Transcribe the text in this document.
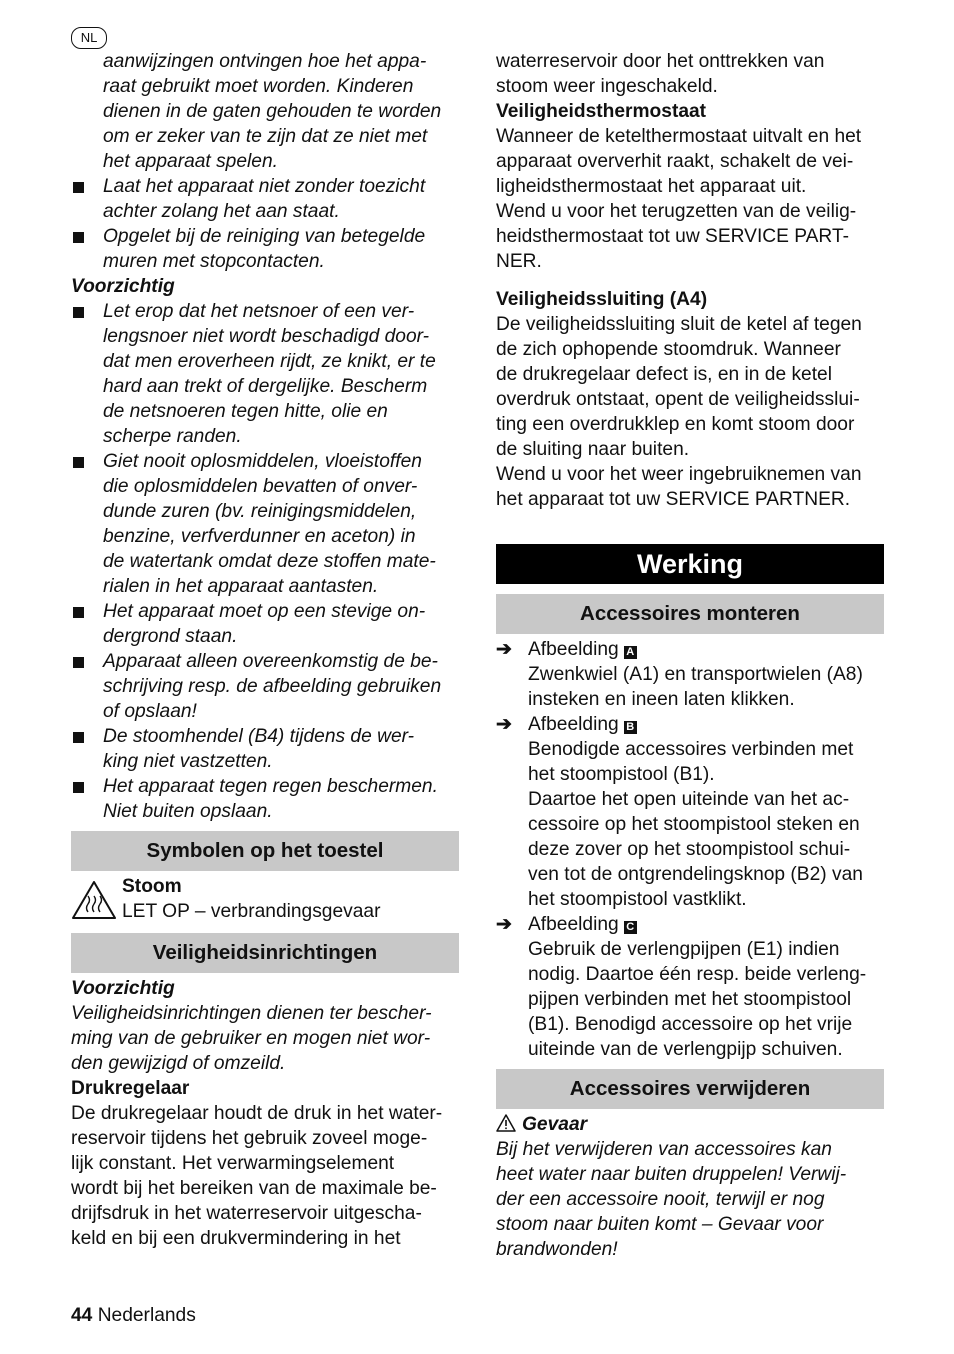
NL
aanwijzingen ontvingen hoe het appa-
raat gebruikt moet worden. Kinderen
dienen in de gaten gehouden te worden
om er zeker van te zijn dat ze niet met
het apparaat spelen.
Laat het apparaat niet zonder toezicht
achter zolang het aan staat.
Opgelet bij de reiniging van betegelde
muren met stopcontacten.

Voorzichtig

Let erop dat het netsnoer of een ver-
lengsnoer niet wordt beschadigd door-
dat men eroverheen rijdt, ze knikt, er te
hard aan trekt of dergelijke. Bescherm
de netsnoeren tegen hitte, olie en
scherpe randen.
Giet nooit oplosmiddelen, vloeistoffen
die oplosmiddelen bevatten of onver-
dunde zuren (bv. reinigingsmiddelen,
benzine, verfverdunner en aceton) in
de watertank omdat deze stoffen mate-
rialen in het apparaat aantasten.
Het apparaat moet op een stevige on-
dergrond staan.
Apparaat alleen overeenkomstig de be-
schrijving resp. de afbeelding gebruiken
of opslaan!
De stoomhendel (B4) tijdens de wer-
king niet vastzetten.
Het apparaat tegen regen beschermen.
Niet buiten opslaan.
Symbolen op het toestel
Stoom
LET OP – verbrandingsgevaar
Veiligheidsinrichtingen

Voorzichtig

Veiligheidsinrichtingen dienen ter bescher-
ming van de gebruiker en mogen niet wor-
den gewijzigd of omzeild.

Drukregelaar

De drukregelaar houdt de druk in het water-
reservoir tijdens het gebruik zoveel moge-
lijk constant. Het verwarmingselement
wordt bij het bereiken van de maximale be-
drijfsdruk in het waterreservoir uitgescha-
keld en bij een drukvermindering in het
waterreservoir door het onttrekken van
stoom weer ingeschakeld.

Veiligheidsthermostaat

Wanneer de ketelthermostaat uitvalt en het
apparaat oververhit raakt, schakelt de vei-
ligheidsthermostaat het apparaat uit.
Wend u voor het terugzetten van de veilig-
heidsthermostaat tot uw SERVICE PART-
NER.

Veiligheidssluiting (A4)

De veiligheidssluiting sluit de ketel af tegen
de zich ophopende stoomdruk. Wanneer
de drukregelaar defect is, en in de ketel
overdruk ontstaat, opent de veiligheidsslui-
ting een overdrukklep en komt stoom door
de sluiting naar buiten.
Wend u voor het weer ingebruiknemen van
het apparaat tot uw SERVICE PARTNER.
Werking
Accessoires monteren
➔ Afbeelding A
Zwenkwiel (A1) en transportwielen (A8)
insteken en ineen laten klikken.
➔ Afbeelding B
Benodigde accessoires verbinden met
het stoompistool (B1).
Daartoe het open uiteinde van het ac-
cessoire op het stoompistool steken en
deze zover op het stoompistool schui-
ven tot de ontgrendelingsknop (B2) van
het stoompistool vastklikt.
➔ Afbeelding C
Gebruik de verlengpijpen (E1) indien
nodig. Daartoe één resp. beide verleng-
pijpen verbinden met het stoompistool
(B1). Benodigd accessoire op het vrije
uiteinde van de verlengpijp schuiven.
Accessoires verwijderen

Gevaar

Bij het verwijderen van accessoires kan
heet water naar buiten druppelen! Verwij-
der een accessoire nooit, terwijl er nog
stoom naar buiten komt – Gevaar voor
brandwonden!
44 Nederlands
